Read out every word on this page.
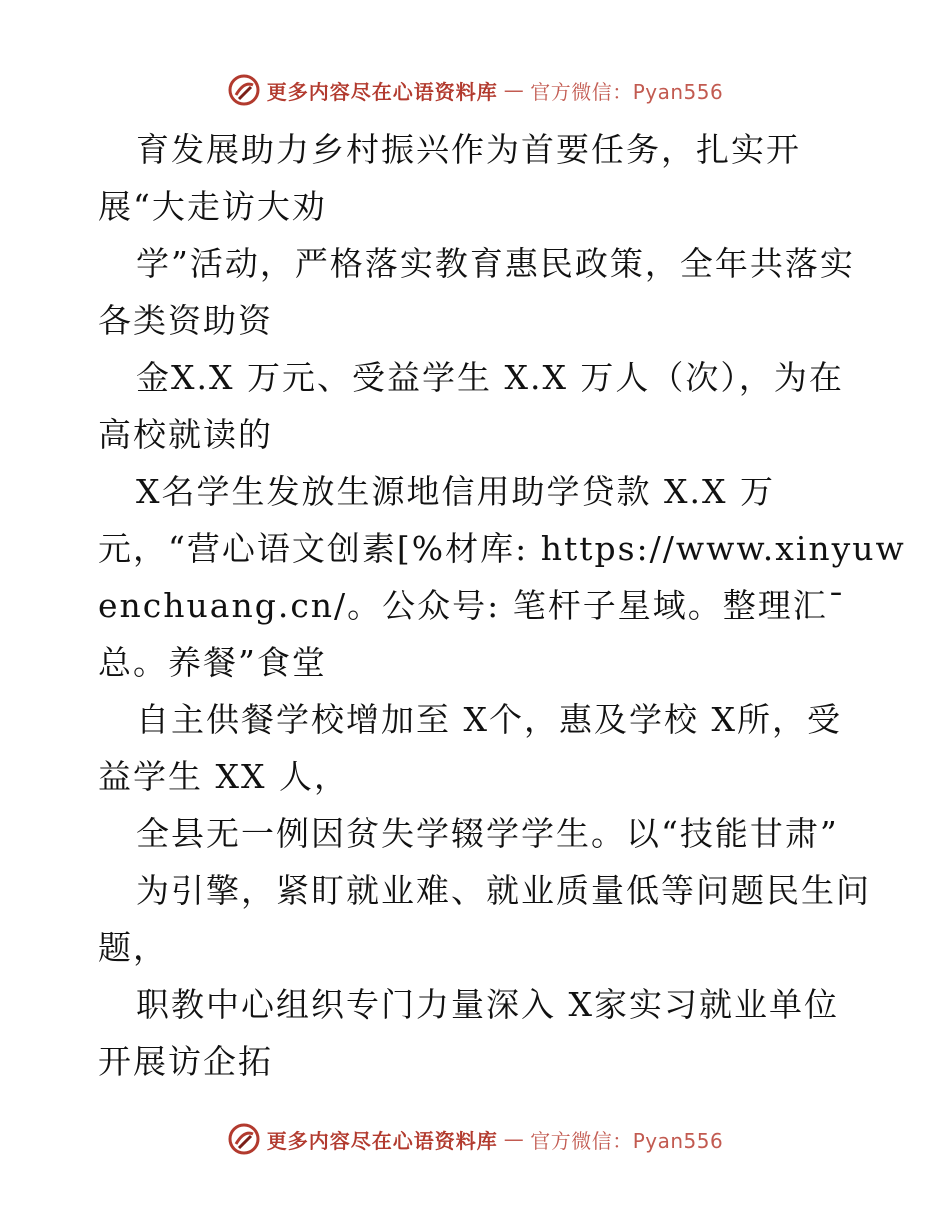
更多内容尽在心语资料库 — 官方微信：Pyan556
育发展助力乡村振兴作为首要任务，扎实开
展“大走访大劝
学”活动，严格落实教育惠民政策，全年共落实
各类资助资
金X.X 万元、受益学生 X.X 万人（次），为在
高校就读的
X名学生发放生源地信用助学贷款 X.X 万
元，“营心语文创素[%材库: https://www.xinyuw
enchuang.cn/。公众号: 笔杆子星域。整理汇¯
总。养餐”食堂
自主供餐学校增加至 X个，惠及学校 X所，受
益学生 XX 人，
全县无一例因贫失学辍学学生。以“技能甘肃”
为引擎，紧盯就业难、就业质量低等问题民生问
题，
职教中心组织专门力量深入 X家实习就业单位
开展访企拓
更多内容尽在心语资料库 — 官方微信：Pyan556
